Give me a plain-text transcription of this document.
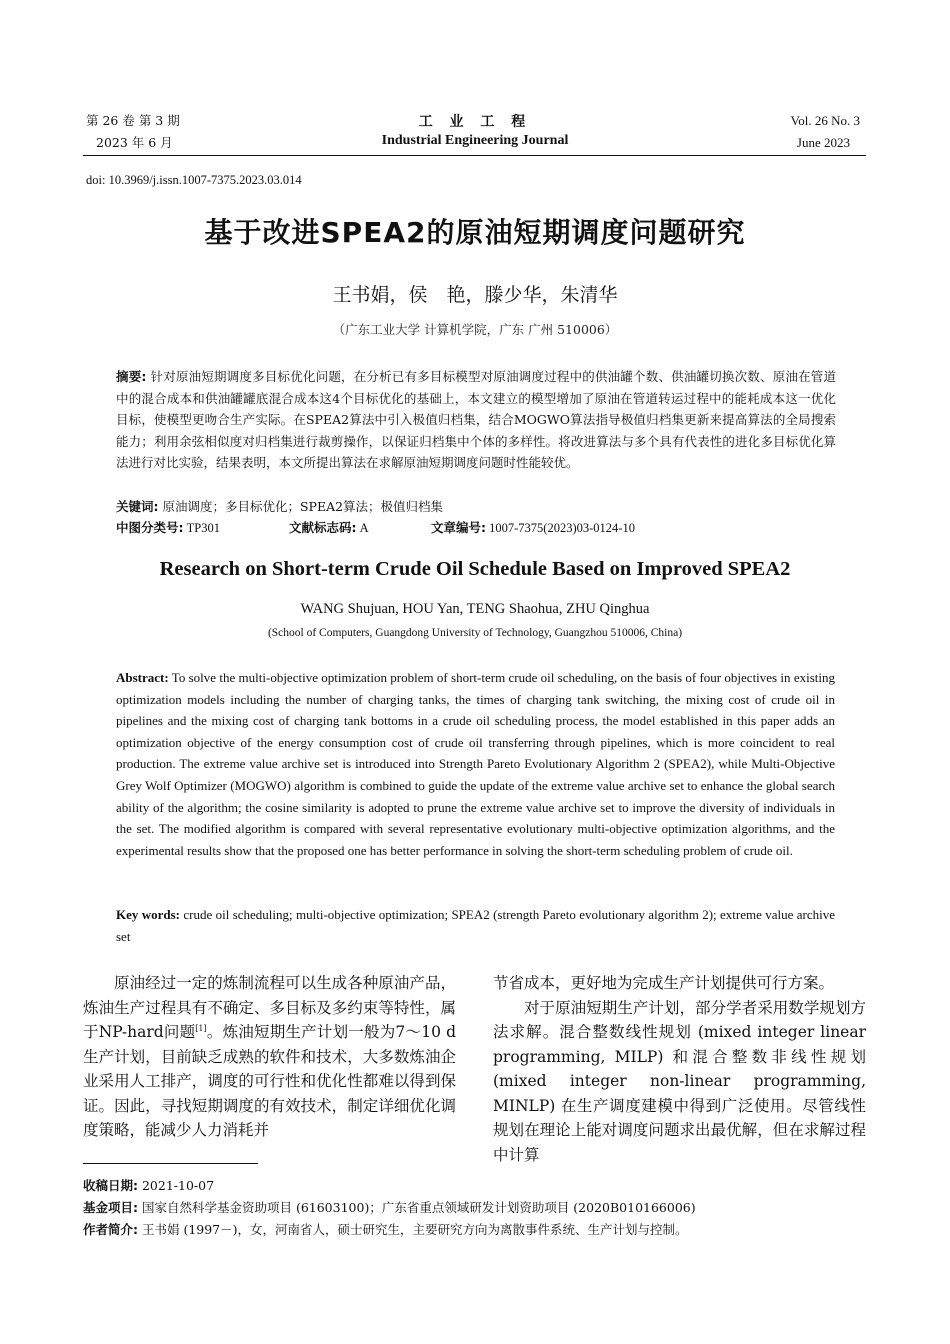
第 26 卷 第 3 期
2023 年 6 月
工 业 工 程
Industrial Engineering Journal
Vol. 26 No. 3
June 2023
doi: 10.3969/j.issn.1007-7375.2023.03.014
基于改进SPEA2的原油短期调度问题研究
王书娟，侯　艳，滕少华，朱清华
（广东工业大学 计算机学院，广东 广州 510006）
摘要: 针对原油短期调度多目标优化问题，在分析已有多目标模型对原油调度过程中的供油罐个数、供油罐切换次数、原油在管道中的混合成本和供油罐罐底混合成本这4个目标优化的基础上，本文建立的模型增加了原油在管道转运过程中的能耗成本这一优化目标，使模型更吻合生产实际。在SPEA2算法中引入极值归档集，结合MOGWO算法指导极值归档集更新来提高算法的全局搜索能力；利用余弦相似度对归档集进行裁剪操作，以保证归档集中个体的多样性。将改进算法与多个具有代表性的进化多目标优化算法进行对比实验，结果表明，本文所提出算法在求解原油短期调度问题时性能较优。
关键词: 原油调度；多目标优化；SPEA2算法；极值归档集
中图分类号: TP301	文献标志码: A	文章编号: 1007-7375(2023)03-0124-10
Research on Short-term Crude Oil Schedule Based on Improved SPEA2
WANG Shujuan, HOU Yan, TENG Shaohua, ZHU Qinghua
(School of Computers, Guangdong University of Technology, Guangzhou 510006, China)
Abstract: To solve the multi-objective optimization problem of short-term crude oil scheduling, on the basis of four objectives in existing optimization models including the number of charging tanks, the times of charging tank switching, the mixing cost of crude oil in pipelines and the mixing cost of charging tank bottoms in a crude oil scheduling process, the model established in this paper adds an optimization objective of the energy consumption cost of crude oil transferring through pipelines, which is more coincident to real production. The extreme value archive set is introduced into Strength Pareto Evolutionary Algorithm 2 (SPEA2), while Multi-Objective Grey Wolf Optimizer (MOGWO) algorithm is combined to guide the update of the extreme value archive set to enhance the global search ability of the algorithm; the cosine similarity is adopted to prune the extreme value archive set to improve the diversity of individuals in the set. The modified algorithm is compared with several representative evolutionary multi-objective optimization algorithms, and the experimental results show that the proposed one has better performance in solving the short-term scheduling problem of crude oil.
Key words: crude oil scheduling; multi-objective optimization; SPEA2 (strength Pareto evolutionary algorithm 2); extreme value archive set

原油经过一定的炼制流程可以生成各种原油产品，炼油生产过程具有不确定、多目标及多约束等特性，属于NP-hard问题[1]。炼油短期生产计划一般为7～10 d生产计划，目前缺乏成熟的软件和技术，大多数炼油企业采用人工排产，调度的可行性和优化性都难以得到保证。因此，寻找短期调度的有效技术，制定详细优化调度策略，能减少人力消耗并

节省成本，更好地为完成生产计划提供可行方案。

对于原油短期生产计划，部分学者采用数学规划方法求解。混合整数线性规划 (mixed integer linear programming, MILP) 和混合整数非线性规划 (mixed integer non-linear programming, MINLP) 在生产调度建模中得到广泛使用。尽管线性规划在理论上能对调度问题求出最优解，但在求解过程中计算

收稿日期: 2021-10-07
基金项目: 国家自然科学基金资助项目 (61603100)；广东省重点领域研发计划资助项目 (2020B010166006)
作者简介: 王书娟 (1997－)，女，河南省人，硕士研究生，主要研究方向为离散事件系统、生产计划与控制。
